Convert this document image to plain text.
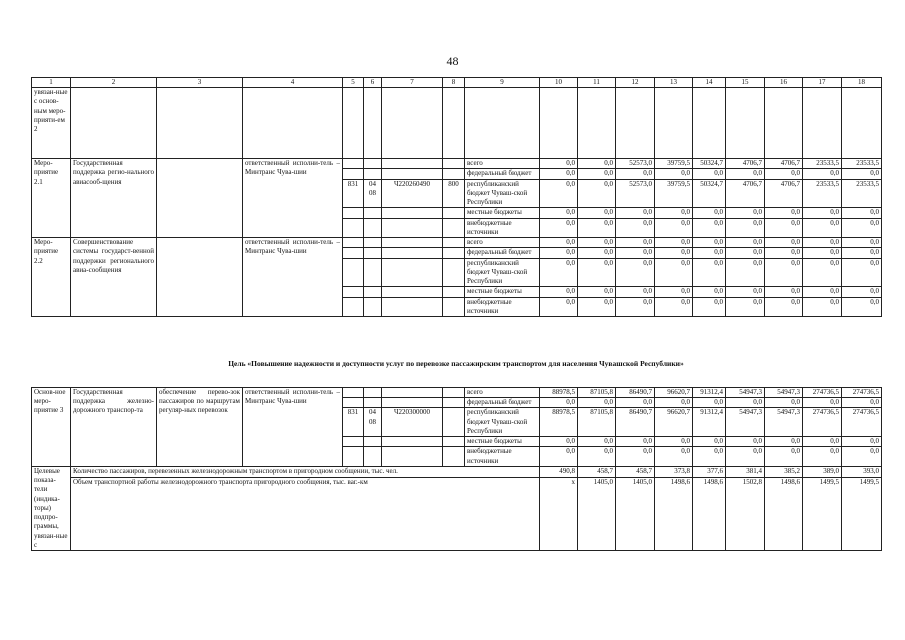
48
1	2	3	4	5	6	7	8	9	10	11	12	13	14	15	16	17	18
увязан-ные с основ-ным меро-прияти-ем 2																	
Меро-приятие 2.1	Государственная поддержка регио-нального авиасооб-щения		ответственный исполни-тель – Минтранс Чува-шии					всего	0,0	0,0	52573,0	39759,5	50324,7	4706,7	4706,7	23533,5	23533,5
								федеральный бюджет	0,0	0,0	0,0	0,0	0,0	0,0	0,0	0,0	0,0
				831	04 08	Ч220260490	800	республиканский бюджет Чуваш-ской Республики	0,0	0,0	52573,0	39759,5	50324,7	4706,7	4706,7	23533,5	23533,5
								местные бюджеты	0,0	0,0	0,0	0,0	0,0	0,0	0,0	0,0	0,0
								внебюджетные источники	0,0	0,0	0,0	0,0	0,0	0,0	0,0	0,0	0,0
Меро-приятие 2.2	Совершенствование системы государст-венной поддержки регионального авиа-сообщения		ответственный исполни-тель – Минтранс Чува-шии					всего	0,0	0,0	0,0	0,0	0,0	0,0	0,0	0,0	0,0
								федеральный бюджет	0,0	0,0	0,0	0,0	0,0	0,0	0,0	0,0	0,0
								республиканский бюджет Чуваш-ской Республики	0,0	0,0	0,0	0,0	0,0	0,0	0,0	0,0	0,0
								местные бюджеты	0,0	0,0	0,0	0,0	0,0	0,0	0,0	0,0	0,0
								внебюджетные источники	0,0	0,0	0,0	0,0	0,0	0,0	0,0	0,0	0,0
Цель «Повышение надежности и доступности услуг по перевозке пассажирским транспортом для населения Чувашской Республики»
Основ-ное меро-приятие 3	Государственная поддержка железно-дорожного транспор-та	обеспечение перево-зок пассажиров по маршрутам регуляр-ных перевозок	ответственный исполни-тель – Минтранс Чува-шии					всего	88978,5	87105,8	86490,7	96620,7	91312,4	54947,3	54947,3	274736,5	274736,5
								федеральный бюджет	0,0	0,0	0,0	0,0	0,0	0,0	0,0	0,0	0,0
				831	04 08	Ч220300000		республиканский бюджет Чуваш-ской Республики	88978,5	87105,8	86490,7	96620,7	91312,4	54947,3	54947,3	274736,5	274736,5
								местные бюджеты	0,0	0,0	0,0	0,0	0,0	0,0	0,0	0,0	0,0
								внебюджетные источники	0,0	0,0	0,0	0,0	0,0	0,0	0,0	0,0	0,0
Целевые показа-тели (индика-торы) подпро-граммы, увязан-ные с	Количество пассажиров, перевезенных железнодорожным транспортом в пригородном сообщении, тыс. чел.								490,8	458,7	458,7	373,8	377,6	381,4	385,2	389,0	393,0
	Объем транспортной работы железнодорожного транспорта пригородного сообщения, тыс. ваг.-км								х	1405,0	1405,0	1498,6	1498,6	1502,8	1498,6	1499,5	1499,5
